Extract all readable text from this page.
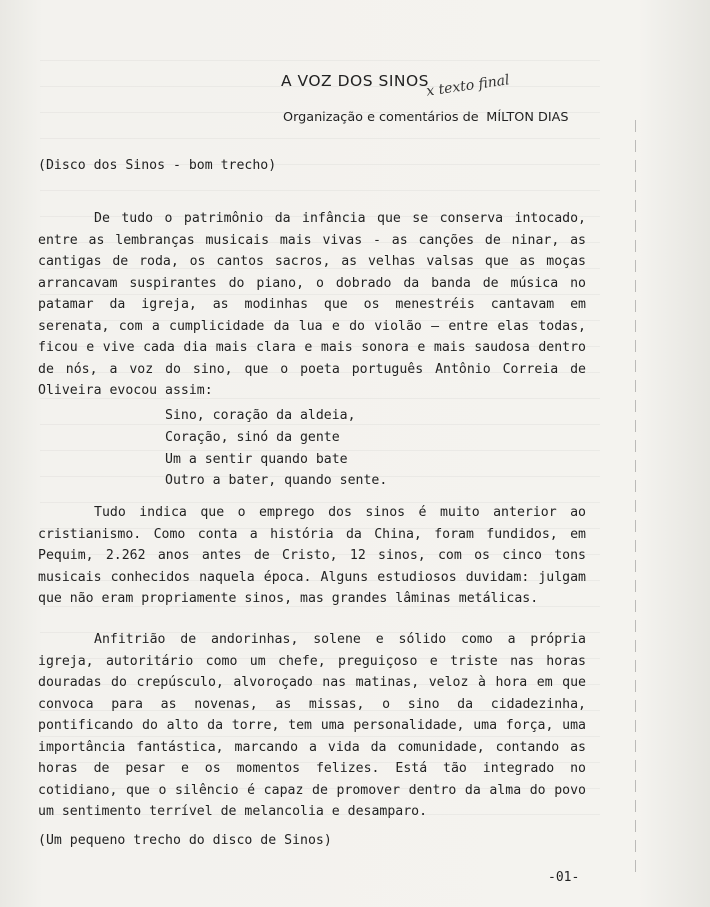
A VOZ DOS SINOS
x texto final
Organização e comentários de MÍLTON DIAS
(Disco dos Sinos - bom trecho)

De tudo o patrimônio da infância que se conserva intocado, entre as lembranças musicais mais vivas - as canções de ninar, as cantigas de roda, os cantos sacros, as velhas valsas que as moças arrancavam suspirantes do piano, o dobrado da banda de música no patamar da igreja, as modinhas que os menestréis cantavam em serenata, com a cumplicidade da lua e do violão — entre elas todas, ficou e vive cada dia mais clara e mais sonora e mais saudosa dentro de nós, a voz do sino, que o poeta português Antônio Correia de Oliveira evocou assim:

Sino, coração da aldeia,
Coração, sinó da gente
Um a sentir quando bate
Outro a bater, quando sente.

Tudo indica que o emprego dos sinos é muito anterior ao cristianismo. Como conta a história da China, foram fundidos, em Pequim, 2.262 anos antes de Cristo, 12 sinos, com os cinco tons musicais conhecidos naquela época. Alguns estudiosos duvidam: julgam que não eram propriamente sinos, mas grandes lâminas metálicas.

Anfitrião de andorinhas, solene e sólido como a própria igreja, autoritário como um chefe, preguiçoso e triste nas horas douradas do crepúsculo, alvoroçado nas matinas, veloz à hora em que convoca para as novenas, as missas, o sino da cidadezinha, pontificando do alto da torre, tem uma personalidade, uma força, uma importância fantástica, marcando a vida da comunidade, contando as horas de pesar e os momentos felizes. Está tão integrado no cotidiano, que o silêncio é capaz de promover dentro da alma do povo um sentimento terrível de melancolia e desamparo.

(Um pequeno trecho do disco de Sinos)
-01-
